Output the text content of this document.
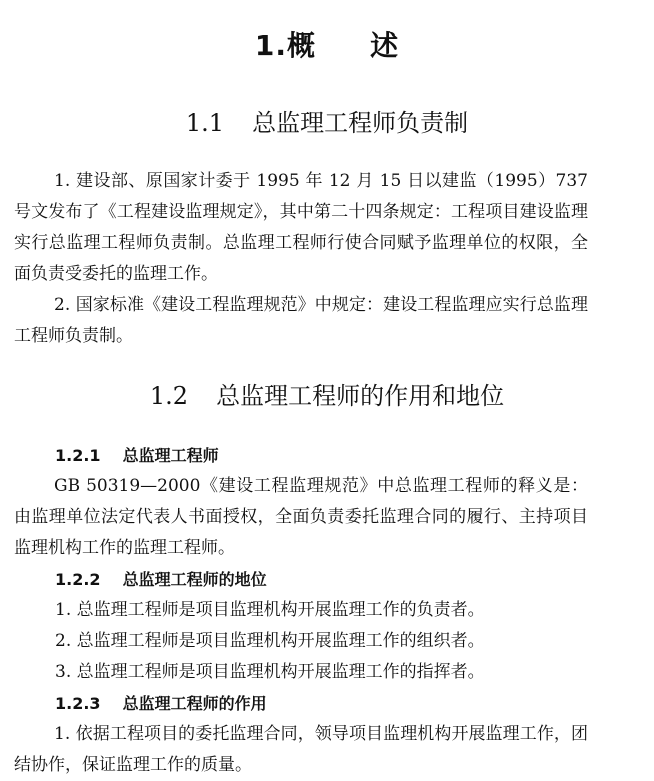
1.概 述
1.1 总监理工程师负责制
1. 建设部、原国家计委于 1995 年 12 月 15 日以建监（1995）737号文发布了《工程建设监理规定》，其中第二十四条规定：工程项目建设监理实行总监理工程师负责制。总监理工程师行使合同赋予监理单位的权限，全面负责受委托的监理工作。
2. 国家标准《建设工程监理规范》中规定：建设工程监理应实行总监理工程师负责制。
1.2 总监理工程师的作用和地位
1.2.1 总监理工程师
GB 50319—2000《建设工程监理规范》中总监理工程师的释义是：由监理单位法定代表人书面授权，全面负责委托监理合同的履行、主持项目监理机构工作的监理工程师。
1.2.2 总监理工程师的地位
1. 总监理工程师是项目监理机构开展监理工作的负责者。
2. 总监理工程师是项目监理机构开展监理工作的组织者。
3. 总监理工程师是项目监理机构开展监理工作的指挥者。
1.2.3 总监理工程师的作用
1. 依据工程项目的委托监理合同，领导项目监理机构开展监理工作，团结协作，保证监理工作的质量。
